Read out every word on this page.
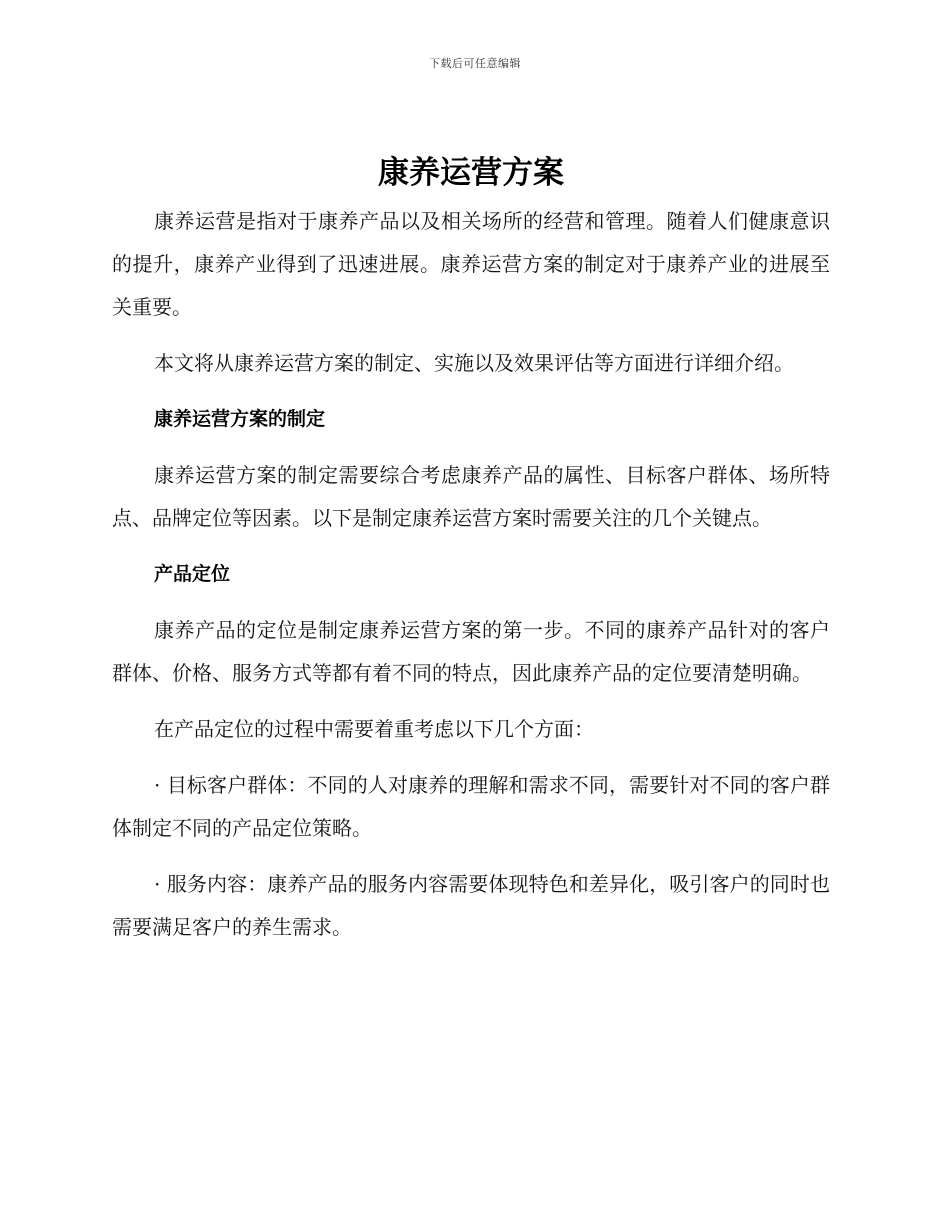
下载后可任意编辑
康养运营方案

康养运营是指对于康养产品以及相关场所的经营和管理。随着人们健康意识的提升，康养产业得到了迅速进展。康养运营方案的制定对于康养产业的进展至关重要。

本文将从康养运营方案的制定、实施以及效果评估等方面进行详细介绍。

康养运营方案的制定

康养运营方案的制定需要综合考虑康养产品的属性、目标客户群体、场所特点、品牌定位等因素。以下是制定康养运营方案时需要关注的几个关键点。

产品定位

康养产品的定位是制定康养运营方案的第一步。不同的康养产品针对的客户群体、价格、服务方式等都有着不同的特点，因此康养产品的定位要清楚明确。

在产品定位的过程中需要着重考虑以下几个方面：

· 目标客户群体：不同的人对康养的理解和需求不同，需要针对不同的客户群体制定不同的产品定位策略。

· 服务内容：康养产品的服务内容需要体现特色和差异化，吸引客户的同时也需要满足客户的养生需求。
